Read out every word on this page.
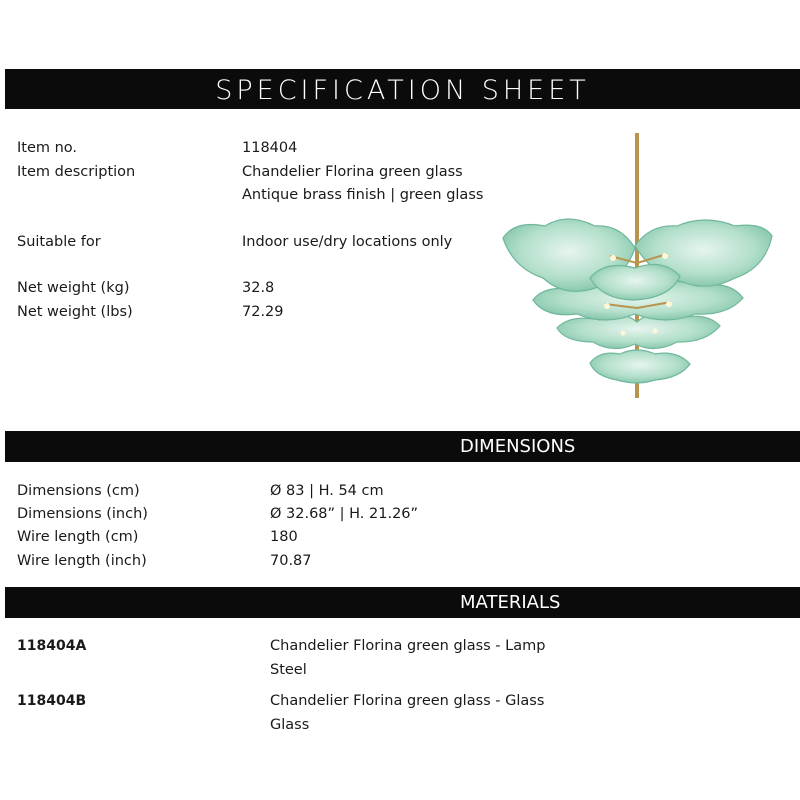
SPECIFICATION SHEET
Item no.	118404
Item description	Chandelier Florina green glass
Antique brass finish | green glass
Suitable for	Indoor use/dry locations only
Net weight (kg)	32.8
Net weight (lbs)	72.29
DIMENSIONS
Dimensions (cm)	Ø 83 | H. 54 cm
Dimensions (inch)	Ø 32.68” | H. 21.26”
Wire length (cm)	180
Wire length (inch)	70.87
MATERIALS
118404A	Chandelier Florina green glass - Lamp
Steel
118404B	Chandelier Florina green glass - Glass
Glass
